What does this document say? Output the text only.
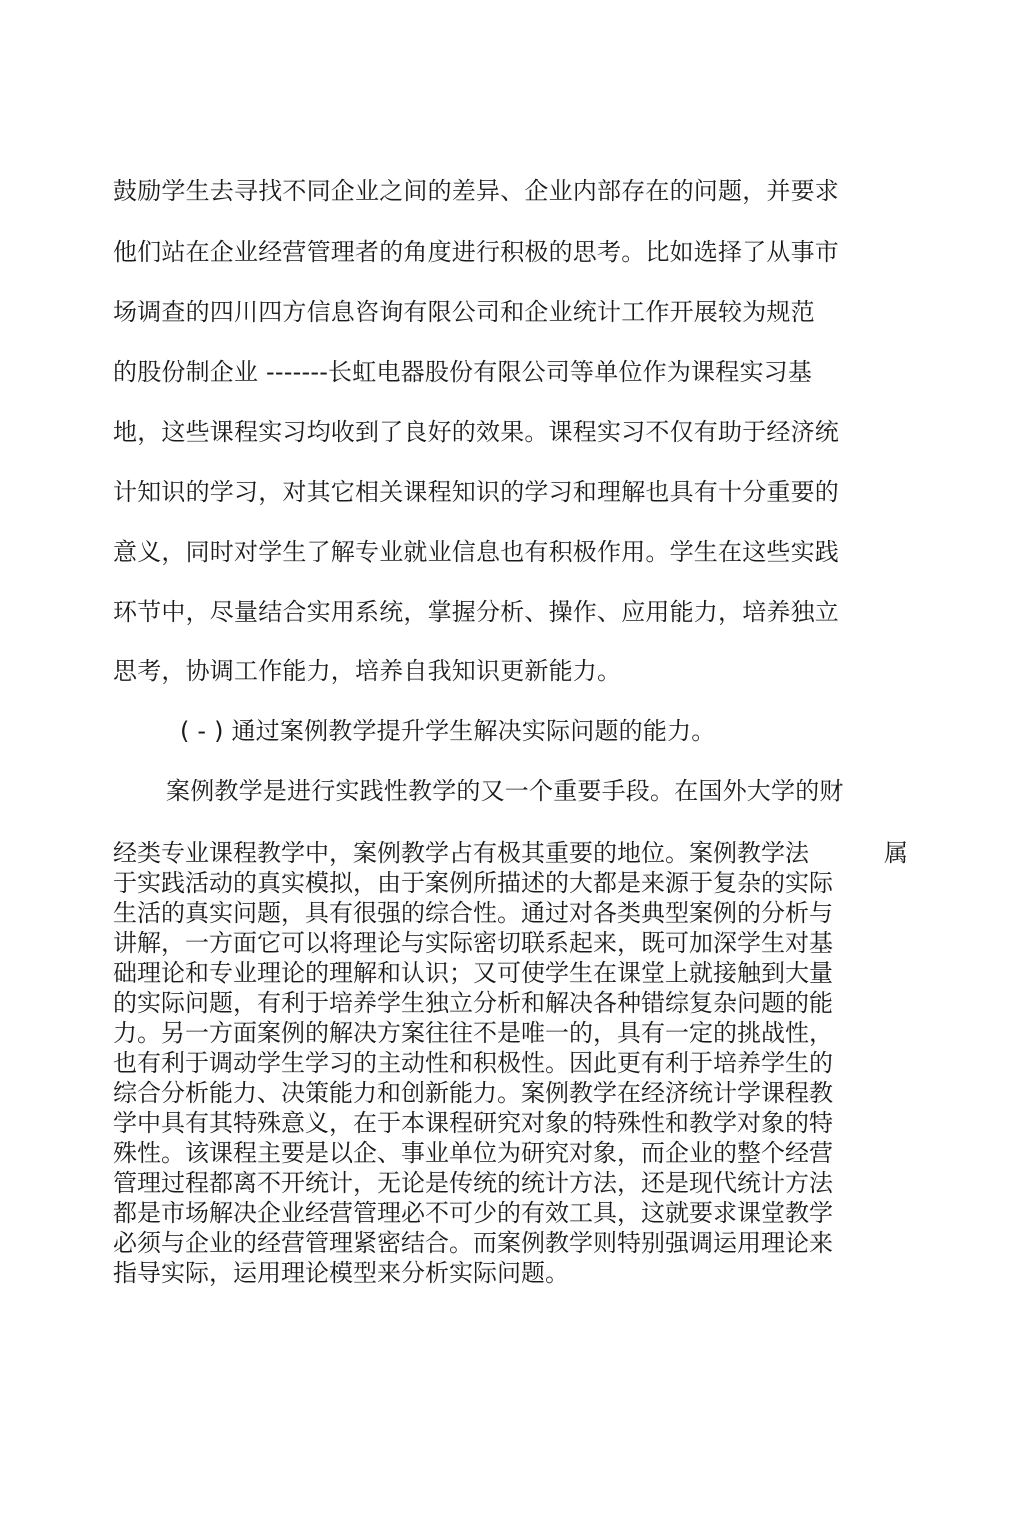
鼓励学生去寻找不同企业之间的差异、企业内部存在的问题，并要求
他们站在企业经营管理者的角度进行积极的思考。比如选择了从事市
场调查的四川四方信息咨询有限公司和企业统计工作开展较为规范
的股份制企业 -------长虹电器股份有限公司等单位作为课程实习基
地，这些课程实习均收到了良好的效果。课程实习不仅有助于经济统
计知识的学习，对其它相关课程知识的学习和理解也具有十分重要的
意义，同时对学生了解专业就业信息也有积极作用。学生在这些实践
环节中，尽量结合实用系统，掌握分析、操作、应用能力，培养独立
思考，协调工作能力，培养自我知识更新能力。
( - ) 通过案例教学提升学生解决实际问题的能力。
案例教学是进行实践性教学的又一个重要手段。在国外大学的财
经类专业课程教学中，案例教学占有极其重要的地位。案例教学法	属
于实践活动的真实模拟，由于案例所描述的大都是来源于复杂的实际
生活的真实问题，具有很强的综合性。通过对各类典型案例的分析与
讲解，一方面它可以将理论与实际密切联系起来，既可加深学生对基
础理论和专业理论的理解和认识；又可使学生在课堂上就接触到大量
的实际问题，有利于培养学生独立分析和解决各种错综复杂问题的能
力。另一方面案例的解决方案往往不是唯一的，具有一定的挑战性，
也有利于调动学生学习的主动性和积极性。因此更有利于培养学生的
综合分析能力、决策能力和创新能力。案例教学在经济统计学课程教
学中具有其特殊意义，在于本课程研究对象的特殊性和教学对象的特
殊性。该课程主要是以企、事业单位为研究对象，而企业的整个经营
管理过程都离不开统计，无论是传统的统计方法，还是现代统计方法
都是市场解决企业经营管理必不可少的有效工具，这就要求课堂教学
必须与企业的经营管理紧密结合。而案例教学则特别强调运用理论来
指导实际，运用理论模型来分析实际问题。
